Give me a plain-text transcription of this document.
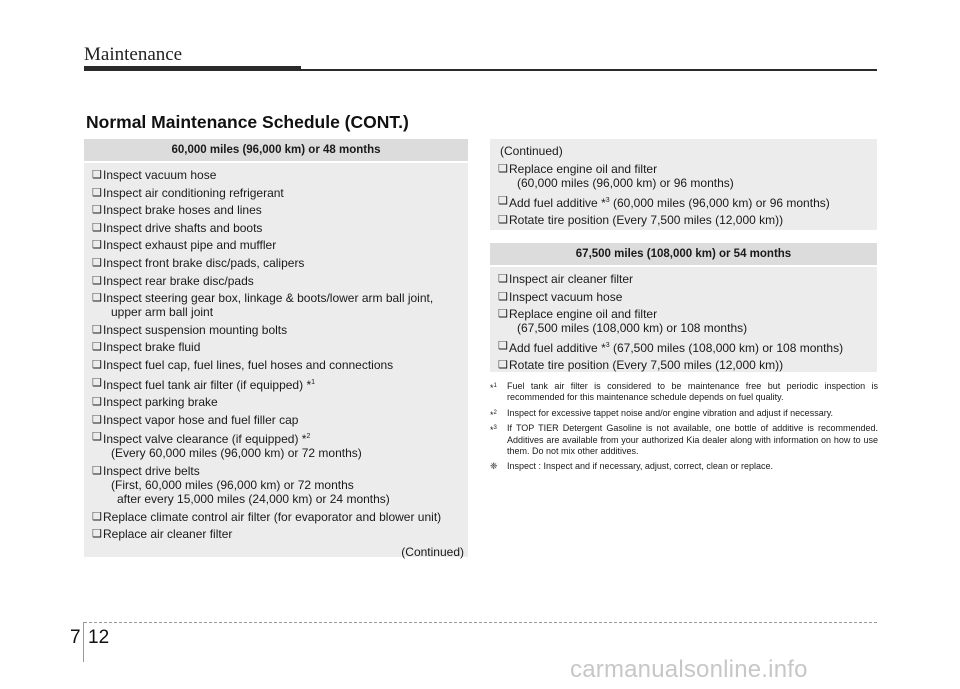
Maintenance
Normal Maintenance Schedule (CONT.)
60,000 miles (96,000 km) or 48 months
❑ Inspect vacuum hose
❑ Inspect air conditioning refrigerant
❑ Inspect brake hoses and lines
❑ Inspect drive shafts and boots
❑ Inspect exhaust pipe and muffler
❑ Inspect front brake disc/pads, calipers
❑ Inspect rear brake disc/pads
❑ Inspect steering gear box, linkage & boots/lower arm ball joint,
upper arm ball joint
❑ Inspect suspension mounting bolts
❑ Inspect brake fluid
❑ Inspect fuel cap, fuel lines, fuel hoses and connections
❑ Inspect fuel tank air filter (if equipped) *$^1$
❑ Inspect parking brake
❑ Inspect vapor hose and fuel filler cap
❑ Inspect valve clearance (if equipped) *$^2$
(Every 60,000 miles (96,000 km) or 72 months)
❑ Inspect drive belts
(First, 60,000 miles (96,000 km) or 72 months
after every 15,000 miles (24,000 km) or 24 months)
❑ Replace climate control air filter (for evaporator and blower unit)
❑ Replace air cleaner filter
(Continued)
(Continued)
❑ Replace engine oil and filter
(60,000 miles (96,000 km) or 96 months)
❑ Add fuel additive *$^3$ (60,000 miles (96,000 km) or 96 months)
❑ Rotate tire position (Every 7,500 miles (12,000 km))
67,500 miles (108,000 km) or 54 months
❑ Inspect air cleaner filter
❑ Inspect vacuum hose
❑ Replace engine oil and filter
(67,500 miles (108,000 km) or 108 months)
❑ Add fuel additive *$^3$ (67,500 miles (108,000 km) or 108 months)
❑ Rotate tire position (Every 7,500 miles (12,000 km))
*$^1$ Fuel tank air filter is considered to be maintenance free but periodic inspection is recommended for this maintenance schedule depends on fuel quality.
*$^2$ Inspect for excessive tappet noise and/or engine vibration and adjust if necessary.
*$^3$ If TOP TIER Detergent Gasoline is not available, one bottle of additive is recommended. Additives are available from your authorized Kia dealer along with information on how to use them. Do not mix other additives.
❈ Inspect : Inspect and if necessary, adjust, correct, clean or replace.
7 12
carmanualsonline.info
